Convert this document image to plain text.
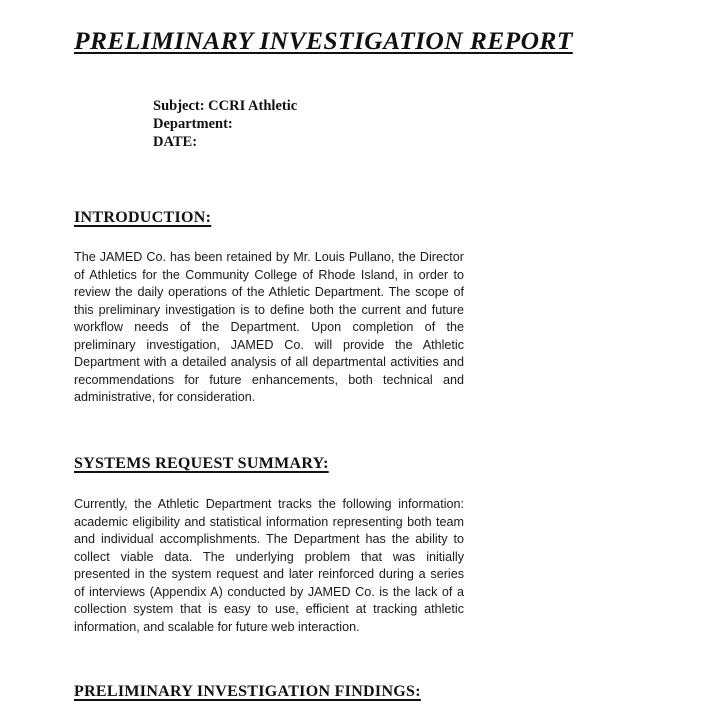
PRELIMINARY INVESTIGATION REPORT
Subject: CCRI Athletic
Department:
DATE:
INTRODUCTION:

The JAMED Co. has been retained by Mr. Louis Pullano, the Director of Athletics for the Community College of Rhode Island, in order to review the daily operations of the Athletic Department. The scope of this preliminary investigation is to define both the current and future workflow needs of the Department. Upon completion of the preliminary investigation, JAMED Co. will provide the Athletic Department with a detailed analysis of all departmental activities and recommendations for future enhancements, both technical and administrative, for consideration.

SYSTEMS REQUEST SUMMARY:

Currently, the Athletic Department tracks the following information: academic eligibility and statistical information representing both team and individual accomplishments. The Department has the ability to collect viable data. The underlying problem that was initially presented in the system request and later reinforced during a series of interviews (Appendix A) conducted by JAMED Co. is the lack of a collection system that is easy to use, efficient at tracking athletic information, and scalable for future web interaction.

PRELIMINARY INVESTIGATION FINDINGS:
